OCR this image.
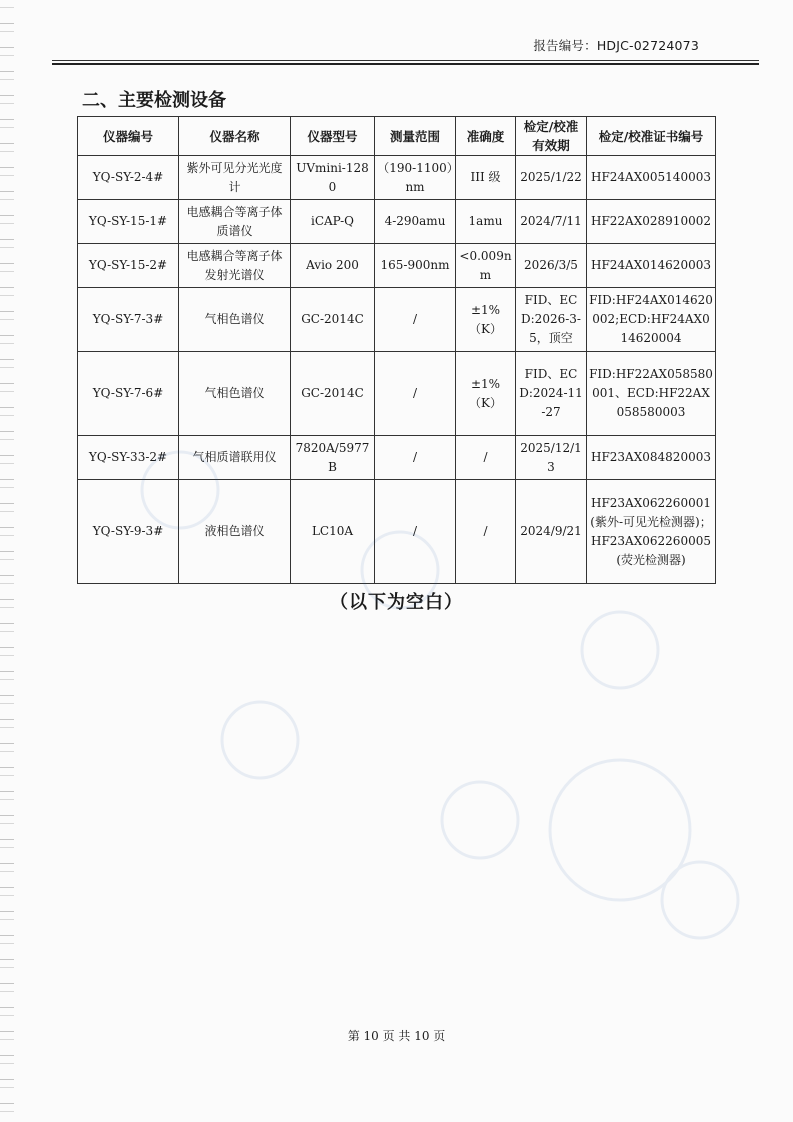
报告编号：HDJC-02724073
二、主要检测设备
仪器编号	仪器名称	仪器型号	测量范围	准确度	检定/校准有效期	检定/校准证书编号
YQ-SY-2-4#	紫外可见分光光度计	UVmini-1280	（190-1100）nm	III 级	2025/1/22	HF24AX005140003
YQ-SY-15-1#	电感耦合等离子体质谱仪	iCAP-Q	4-290amu	1amu	2024/7/11	HF22AX028910002
YQ-SY-15-2#	电感耦合等离子体发射光谱仪	Avio 200	165-900nm	<0.009nm	2026/3/5	HF24AX014620003
YQ-SY-7-3#	气相色谱仪	GC-2014C	/	±1%（K）	FID、ECD:2026-3-5，顶空	FID:HF24AX014620002;ECD:HF24AX014620004
YQ-SY-7-6#	气相色谱仪	GC-2014C	/	±1%（K）	FID、ECD:2024-11-27	FID:HF22AX058580001、ECD:HF22AX058580003
YQ-SY-33-2#	气相质谱联用仪	7820A/5977B	/	/	2025/12/13	HF23AX084820003
YQ-SY-9-3#	液相色谱仪	LC10A	/	/	2024/9/21	HF23AX062260001(紫外-可见光检测器)；HF23AX062260005(荧光检测器)
（以下为空白）
第 10 页 共 10 页
